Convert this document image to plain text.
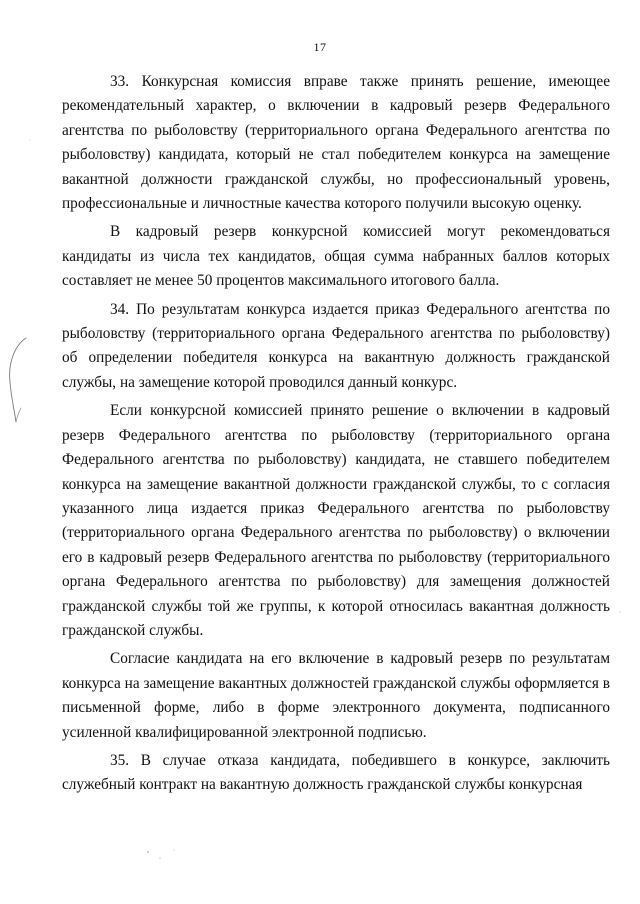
17

33. Конкурсная комиссия вправе также принять решение, имеющее рекомендательный характер, о включении в кадровый резерв Федерального агентства по рыболовству (территориального органа Федерального агентства по рыболовству) кандидата, который не стал победителем конкурса на замещение вакантной должности гражданской службы, но профессиональный уровень, профессиональные и личностные качества которого получили высокую оценку.

В кадровый резерв конкурсной комиссией могут рекомендоваться кандидаты из числа тех кандидатов, общая сумма набранных баллов которых составляет не менее 50 процентов максимального итогового балла.

34. По результатам конкурса издается приказ Федерального агентства по рыболовству (территориального органа Федерального агентства по рыболовству) об определении победителя конкурса на вакантную должность гражданской службы, на замещение которой проводился данный конкурс.

Если конкурсной комиссией принято решение о включении в кадровый резерв Федерального агентства по рыболовству (территориального органа Федерального агентства по рыболовству) кандидата, не ставшего победителем конкурса на замещение вакантной должности гражданской службы, то с согласия указанного лица издается приказ Федерального агентства по рыболовству (территориального органа Федерального агентства по рыболовству) о включении его в кадровый резерв Федерального агентства по рыболовству (территориального органа Федерального агентства по рыболовству) для замещения должностей гражданской службы той же группы, к которой относилась вакантная должность гражданской службы.

Согласие кандидата на его включение в кадровый резерв по результатам конкурса на замещение вакантных должностей гражданской службы оформляется в письменной форме, либо в форме электронного документа, подписанного усиленной квалифицированной электронной подписью.

35. В случае отказа кандидата, победившего в конкурсе, заключить служебный контракт на вакантную должность гражданской службы конкурсная
